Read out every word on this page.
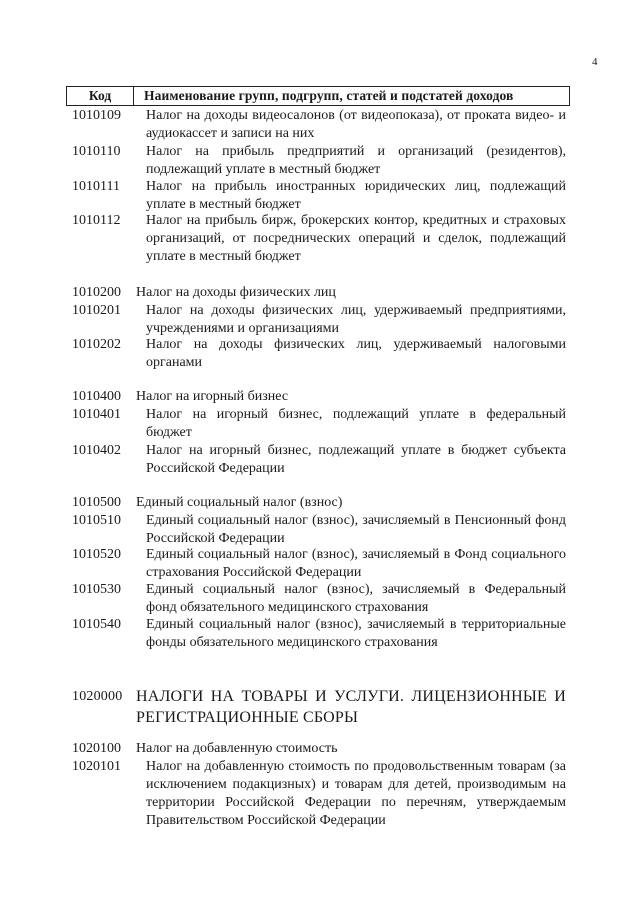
4
Код	Наименование групп, подгрупп, статей и подстатей доходов
1010109 Налог на доходы видеосалонов (от видеопоказа), от проката видео- и аудиокассет и записи на них
1010110 Налог на прибыль предприятий и организаций (резидентов), подлежащий уплате в местный бюджет
1010111 Налог на прибыль иностранных юридических лиц, подлежащий уплате в местный бюджет
1010112 Налог на прибыль бирж, брокерских контор, кредитных и страховых организаций, от посреднических операций и сделок, подлежащий уплате в местный бюджет
1010200 Налог на доходы физических лиц
1010201 Налог на доходы физических лиц, удерживаемый предприятиями, учреждениями и организациями
1010202 Налог на доходы физических лиц, удерживаемый налоговыми органами
1010400 Налог на игорный бизнес
1010401 Налог на игорный бизнес, подлежащий уплате в федеральный бюджет
1010402 Налог на игорный бизнес, подлежащий уплате в бюджет субъекта Российской Федерации
1010500 Единый социальный налог (взнос)
1010510 Единый социальный налог (взнос), зачисляемый в Пенсионный фонд Российской Федерации
1010520 Единый социальный налог (взнос), зачисляемый в Фонд социального страхования Российской Федерации
1010530 Единый социальный налог (взнос), зачисляемый в Федеральный фонд обязательного медицинского страхования
1010540 Единый социальный налог (взнос), зачисляемый в территориальные фонды обязательного медицинского страхования
1020000 НАЛОГИ НА ТОВАРЫ И УСЛУГИ. ЛИЦЕНЗИОННЫЕ И РЕГИСТРАЦИОННЫЕ СБОРЫ
1020100 Налог на добавленную стоимость
1020101 Налог на добавленную стоимость по продовольственным товарам (за исключением подакцизных) и товарам для детей, производимым на территории Российской Федерации по перечням, утверждаемым Правительством Российской Федерации
